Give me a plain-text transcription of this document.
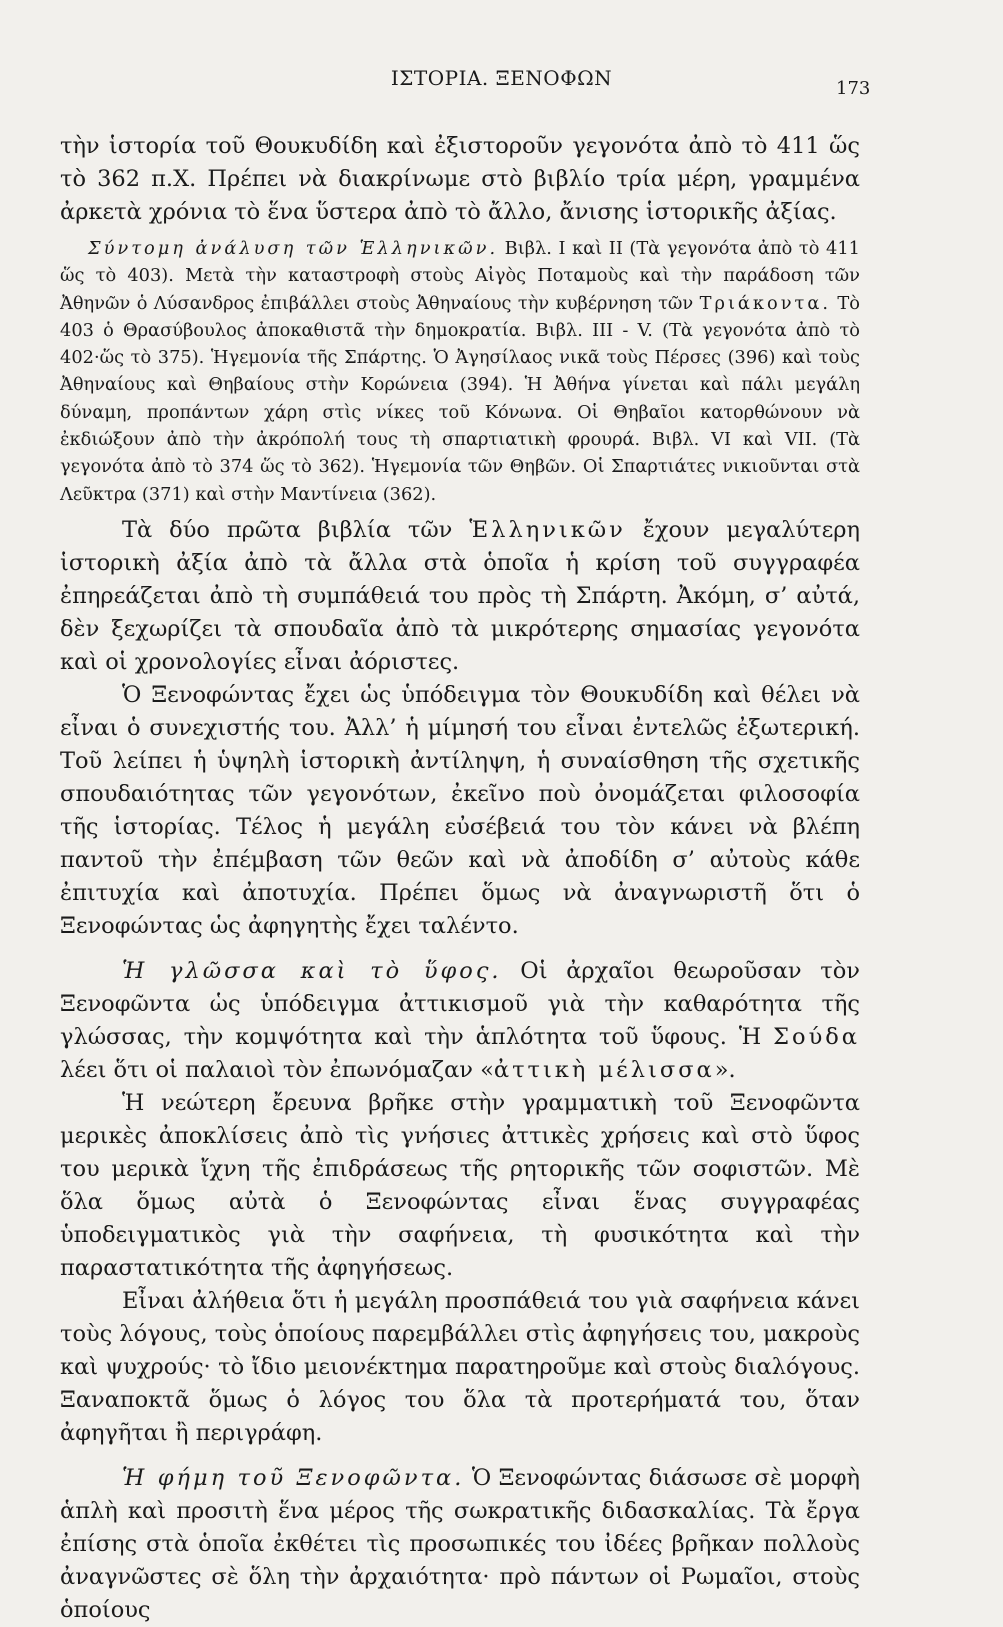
ΙΣΤΟΡΙΑ. ΞΕΝΟΦΩΝ	173

τὴν ἱστορία τοῦ Θουκυδίδη καὶ ἐξιστοροῦν γεγονότα ἀπὸ τὸ 411 ὥς τὸ 362 π.Χ. Πρέπει νὰ διακρίνωμε στὸ βιβλίο τρία μέρη, γραμμένα ἀρκετὰ χρόνια τὸ ἕνα ὕστερα ἀπὸ τὸ ἄλλο, ἄνισης ἱστορικῆς ἀξίας.

Σύντομη ἀνάλυση τῶν Ἑλληνικῶν. Βιβλ. Ι καὶ ΙΙ (Τὰ γεγονότα ἀπὸ τὸ 411 ὥς τὸ 403). Μετὰ τὴν καταστροφὴ στοὺς Αἰγὸς Ποταμοὺς καὶ τὴν παράδοση τῶν Ἀθηνῶν ὁ Λύσανδρος ἐπιβάλλει στοὺς Ἀθηναίους τὴν κυβέρνηση τῶν Τριάκοντα. Τὸ 403 ὁ Θρασύβουλος ἀποκαθιστᾶ τὴν δημοκρατία. Βιβλ. ΙΙΙ - V. (Τὰ γεγονότα ἀπὸ τὸ 402·ὥς τὸ 375). Ἡγεμονία τῆς Σπάρτης. Ὁ Ἀγησίλαος νικᾶ τοὺς Πέρσες (396) καὶ τοὺς Ἀθηναίους καὶ Θηβαίους στὴν Κορώνεια (394). Ἡ Ἀθήνα γίνεται καὶ πάλι μεγάλη δύναμη, προπάντων χάρη στὶς νίκες τοῦ Κόνωνα. Οἱ Θηβαῖοι κατορθώνουν νὰ ἐκδιώξουν ἀπὸ τὴν ἀκρόπολή τους τὴ σπαρτιατικὴ φρουρά. Βιβλ. VI καὶ VII. (Τὰ γεγονότα ἀπὸ τὸ 374 ὥς τὸ 362). Ἡγεμονία τῶν Θηβῶν. Οἱ Σπαρτιάτες νικιοῦνται στὰ Λεῦκτρα (371) καὶ στὴν Μαντίνεια (362).

Τὰ δύο πρῶτα βιβλία τῶν Ἑλληνικῶν ἔχουν μεγαλύτερη ἱστορικὴ ἀξία ἀπὸ τὰ ἄλλα στὰ ὁποῖα ἡ κρίση τοῦ συγγραφέα ἐπηρεάζεται ἀπὸ τὴ συμπάθειά του πρὸς τὴ Σπάρτη. Ἀκόμη, σ’ αὐτά, δὲν ξεχωρίζει τὰ σπουδαῖα ἀπὸ τὰ μικρότερης σημασίας γεγονότα καὶ οἱ χρονολογίες εἶναι ἀόριστες.

Ὁ Ξενοφώντας ἔχει ὡς ὑπόδειγμα τὸν Θουκυδίδη καὶ θέλει νὰ εἶναι ὁ συνεχιστής του. Ἀλλ’ ἡ μίμησή του εἶναι ἐντελῶς ἐξωτερική. Τοῦ λείπει ἡ ὑψηλὴ ἱστορικὴ ἀντίληψη, ἡ συναίσθηση τῆς σχετικῆς σπουδαιότητας τῶν γεγονότων, ἐκεῖνο ποὺ ὀνομάζεται φιλοσοφία τῆς ἱστορίας. Τέλος ἡ μεγάλη εὐσέβειά του τὸν κάνει νὰ βλέπη παντοῦ τὴν ἐπέμβαση τῶν θεῶν καὶ νὰ ἀποδίδη σ’ αὐτοὺς κάθε ἐπιτυχία καὶ ἀποτυχία. Πρέπει ὅμως νὰ ἀναγνωριστῆ ὅτι ὁ Ξενοφώντας ὡς ἀφηγητὴς ἔχει ταλέντο.

Ἡ γλῶσσα καὶ τὸ ὕφος. Οἱ ἀρχαῖοι θεωροῦσαν τὸν Ξενοφῶντα ὡς ὑπόδειγμα ἀττικισμοῦ γιὰ τὴν καθαρότητα τῆς γλώσσας, τὴν κομψότητα καὶ τὴν ἁπλότητα τοῦ ὕφους. Ἡ Σούδα λέει ὅτι οἱ παλαιοὶ τὸν ἐπωνόμαζαν «ἀττικὴ μέλισσα».

Ἡ νεώτερη ἔρευνα βρῆκε στὴν γραμματικὴ τοῦ Ξενοφῶντα μερικὲς ἀποκλίσεις ἀπὸ τὶς γνήσιες ἀττικὲς χρήσεις καὶ στὸ ὕφος του μερικὰ ἴχνη τῆς ἐπιδράσεως τῆς ρητορικῆς τῶν σοφιστῶν. Μὲ ὅλα ὅμως αὐτὰ ὁ Ξενοφώντας εἶναι ἕνας συγγραφέας ὑποδειγματικὸς γιὰ τὴν σαφήνεια, τὴ φυσικότητα καὶ τὴν παραστατικότητα τῆς ἀφηγήσεως.

Εἶναι ἀλήθεια ὅτι ἡ μεγάλη προσπάθειά του γιὰ σαφήνεια κάνει τοὺς λόγους, τοὺς ὁποίους παρεμβάλλει στὶς ἀφηγήσεις του, μακροὺς καὶ ψυχρούς· τὸ ἴδιο μειονέκτημα παρατηροῦμε καὶ στοὺς διαλόγους. Ξαναποκτᾶ ὅμως ὁ λόγος του ὅλα τὰ προτερήματά του, ὅταν ἀφηγῆται ἢ περιγράφη.

Ἡ φήμη τοῦ Ξενοφῶντα. Ὁ Ξενοφώντας διάσωσε σὲ μορφὴ ἁπλὴ καὶ προσιτὴ ἕνα μέρος τῆς σωκρατικῆς διδασκαλίας. Τὰ ἔργα ἐπίσης στὰ ὁποῖα ἐκθέτει τὶς προσωπικές του ἰδέες βρῆκαν πολλοὺς ἀναγνῶστες σὲ ὅλη τὴν ἀρχαιότητα· πρὸ πάντων οἱ Ρωμαῖοι, στοὺς ὁποίους
